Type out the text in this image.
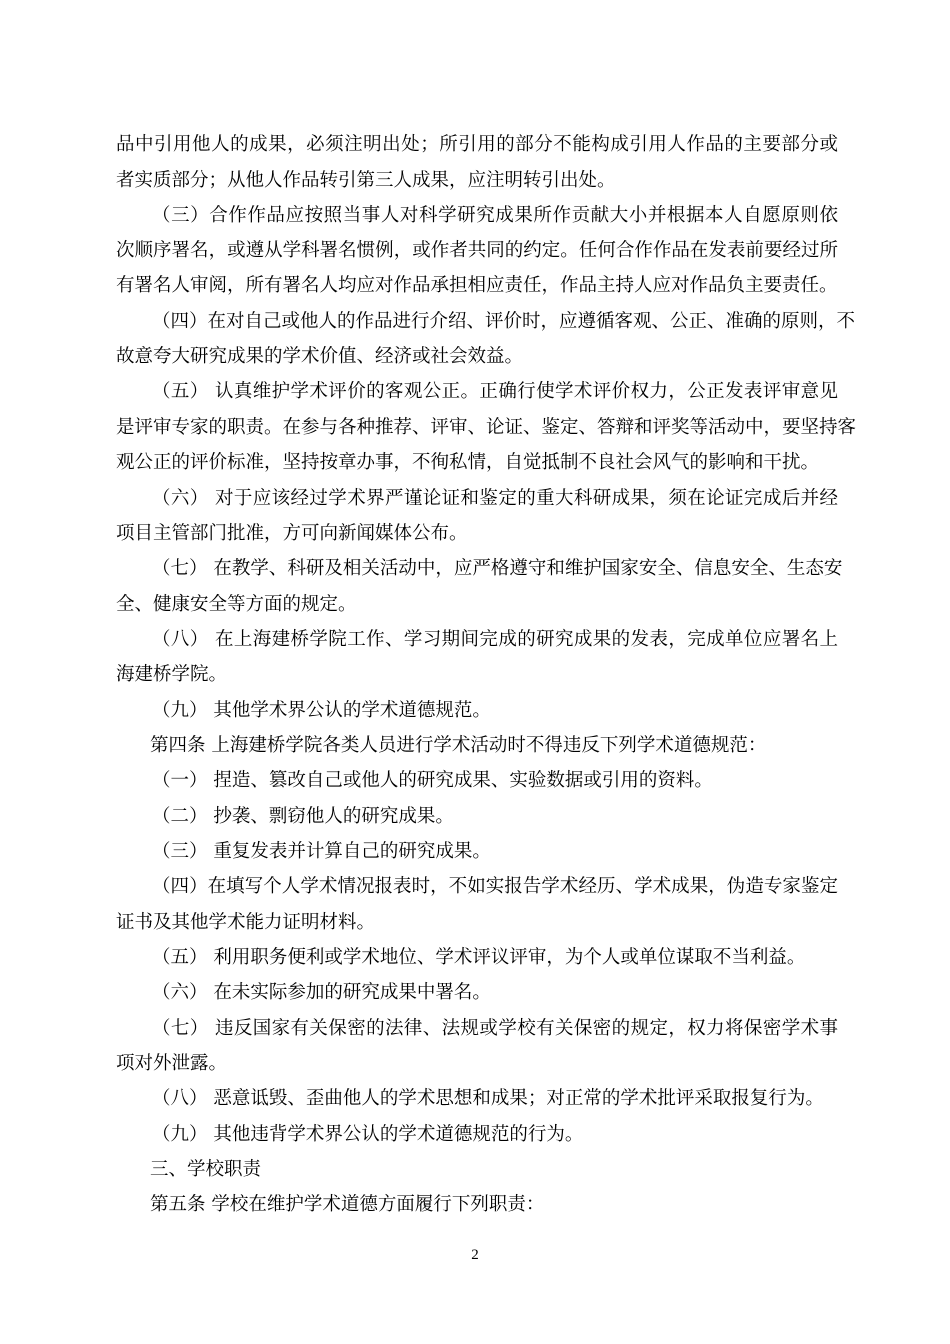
品中引用他人的成果，必须注明出处；所引用的部分不能构成引用人作品的主要部分或
者实质部分；从他人作品转引第三人成果，应注明转引出处。
（三）合作作品应按照当事人对科学研究成果所作贡献大小并根据本人自愿原则依
次顺序署名，或遵从学科署名惯例，或作者共同的约定。任何合作作品在发表前要经过所
有署名人审阅，所有署名人均应对作品承担相应责任，作品主持人应对作品负主要责任。
（四）在对自己或他人的作品进行介绍、评价时，应遵循客观、公正、准确的原则，不
故意夸大研究成果的学术价值、经济或社会效益。
（五） 认真维护学术评价的客观公正。正确行使学术评价权力，公正发表评审意见
是评审专家的职责。在参与各种推荐、评审、论证、鉴定、答辩和评奖等活动中，要坚持客
观公正的评价标准，坚持按章办事，不徇私情，自觉抵制不良社会风气的影响和干扰。
（六） 对于应该经过学术界严谨论证和鉴定的重大科研成果，须在论证完成后并经
项目主管部门批准，方可向新闻媒体公布。
（七） 在教学、科研及相关活动中，应严格遵守和维护国家安全、信息安全、生态安
全、健康安全等方面的规定。
（八） 在上海建桥学院工作、学习期间完成的研究成果的发表，完成单位应署名上
海建桥学院。
（九） 其他学术界公认的学术道德规范。
第四条 上海建桥学院各类人员进行学术活动时不得违反下列学术道德规范：
（一） 捏造、篡改自己或他人的研究成果、实验数据或引用的资料。
（二） 抄袭、剽窃他人的研究成果。
（三） 重复发表并计算自己的研究成果。
（四）在填写个人学术情况报表时，不如实报告学术经历、学术成果，伪造专家鉴定
证书及其他学术能力证明材料。
（五） 利用职务便利或学术地位、学术评议评审，为个人或单位谋取不当利益。
（六） 在未实际参加的研究成果中署名。
（七） 违反国家有关保密的法律、法规或学校有关保密的规定，权力将保密学术事
项对外泄露。
（八） 恶意诋毁、歪曲他人的学术思想和成果；对正常的学术批评采取报复行为。
（九） 其他违背学术界公认的学术道德规范的行为。
三、学校职责
第五条 学校在维护学术道德方面履行下列职责：
2
